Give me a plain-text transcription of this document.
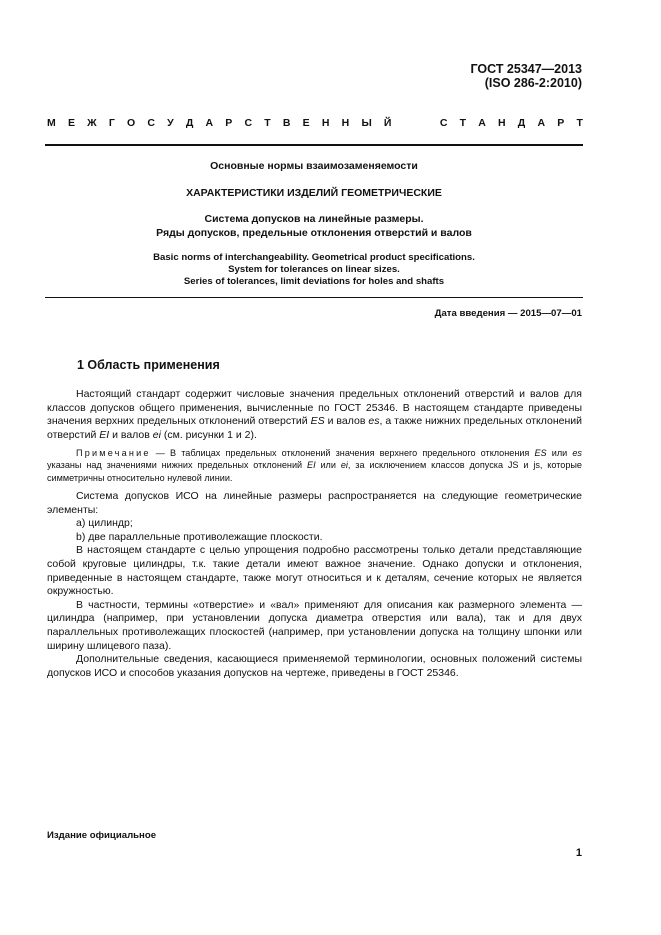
ГОСТ 25347—2013
(ISO 286-2:2010)
М Е Ж Г О С У Д А Р С Т В Е Н Н Ы Й	С Т А Н Д А Р Т
Основные нормы взаимозаменяемости
ХАРАКТЕРИСТИКИ ИЗДЕЛИЙ ГЕОМЕТРИЧЕСКИЕ
Система допусков на линейные размеры.
Ряды допусков, предельные отклонения отверстий и валов
Basic norms of interchangeability. Geometrical product specifications.
System for tolerances on linear sizes.
Series of tolerances, limit deviations for holes and shafts
Дата введения — 2015—07—01
1 Область применения

Настоящий стандарт содержит числовые значения предельных отклонений отверстий и валов для классов допусков общего применения, вычисленные по ГОСТ 25346. В настоящем стандарте приведены значения верхних предельных отклонений отверстий ES и валов es, а также нижних предельных отклонений отверстий EI и валов ei (см. рисунки 1 и 2).

Примечание — В таблицах предельных отклонений значения верхнего предельного отклонения ES или es указаны над значениями нижних предельных отклонений EI или ei, за исключением классов допуска JS и js, которые симметричны относительно нулевой линии.

Система допусков ИСО на линейные размеры распространяется на следующие геометрические элементы:

а) цилиндр;

b) две параллельные противолежащие плоскости.

В настоящем стандарте с целью упрощения подробно рассмотрены только детали представляющие собой круговые цилиндры, т.к. такие детали имеют важное значение. Однако допуски и отклонения, приведенные в настоящем стандарте, также могут относиться и к деталям, сечение которых не является окружностью.

В частности, термины «отверстие» и «вал» применяют для описания как размерного элемента — цилиндра (например, при установлении допуска диаметра отверстия или вала), так и для двух параллельных противолежащих плоскостей (например, при установлении допуска на толщину шпонки или ширину шлицевого паза).

Дополнительные сведения, касающиеся применяемой терминологии, основных положений системы допусков ИСО и способов указания допусков на чертеже, приведены в ГОСТ 25346.

Издание официальное
1
